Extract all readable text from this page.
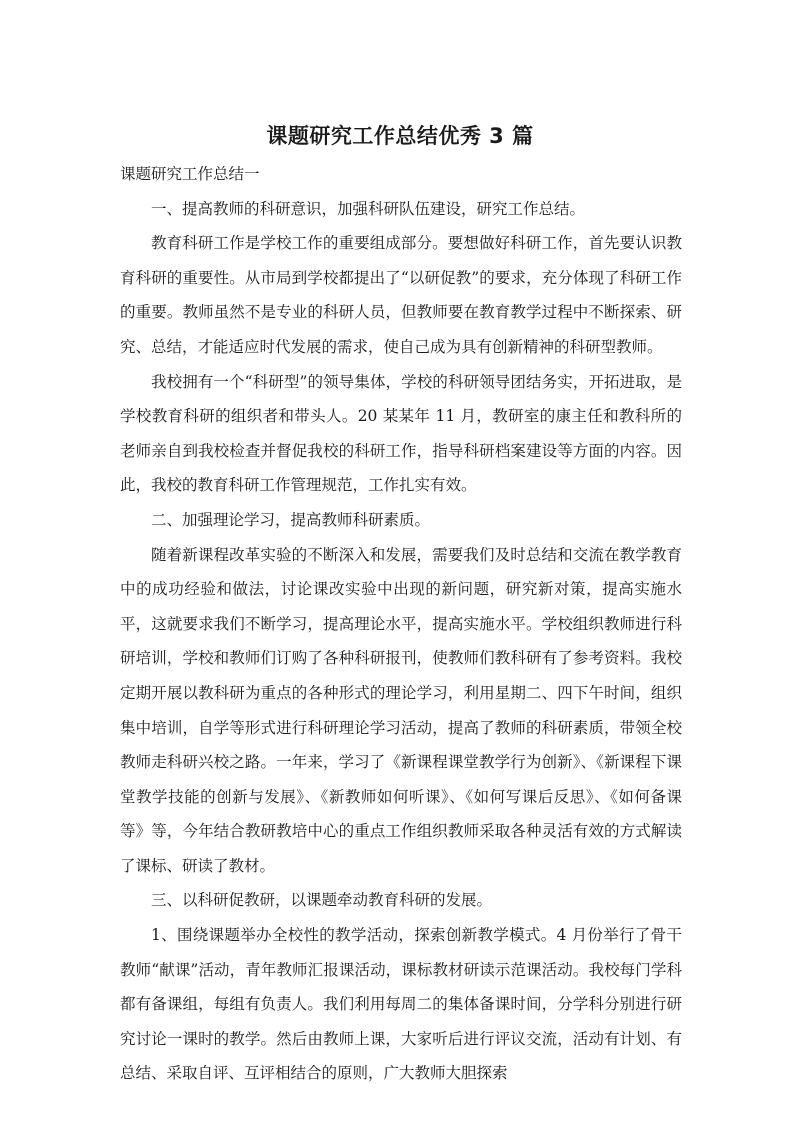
课题研究工作总结优秀 3 篇

课题研究工作总结一

一、提高教师的科研意识，加强科研队伍建设，研究工作总结。

教育科研工作是学校工作的重要组成部分。要想做好科研工作，首先要认识教育科研的重要性。从市局到学校都提出了“以研促教”的要求，充分体现了科研工作的重要。教师虽然不是专业的科研人员，但教师要在教育教学过程中不断探索、研究、总结，才能适应时代发展的需求，使自己成为具有创新精神的科研型教师。

我校拥有一个“科研型”的领导集体，学校的科研领导团结务实，开拓进取，是学校教育科研的组织者和带头人。20 某某年 11 月，教研室的康主任和教科所的老师亲自到我校检查并督促我校的科研工作，指导科研档案建设等方面的内容。因此，我校的教育科研工作管理规范，工作扎实有效。

二、加强理论学习，提高教师科研素质。

随着新课程改革实验的不断深入和发展，需要我们及时总结和交流在教学教育中的成功经验和做法，讨论课改实验中出现的新问题，研究新对策，提高实施水平，这就要求我们不断学习，提高理论水平，提高实施水平。学校组织教师进行科研培训，学校和教师们订购了各种科研报刊，使教师们教科研有了参考资料。我校定期开展以教科研为重点的各种形式的理论学习，利用星期二、四下午时间，组织集中培训，自学等形式进行科研理论学习活动，提高了教师的科研素质，带领全校教师走科研兴校之路。一年来，学习了《新课程课堂教学行为创新》、《新课程下课堂教学技能的创新与发展》、《新教师如何听课》、《如何写课后反思》、《如何备课等》等，今年结合教研教培中心的重点工作组织教师采取各种灵活有效的方式解读了课标、研读了教材。

三、以科研促教研，以课题牵动教育科研的发展。

1、围绕课题举办全校性的教学活动，探索创新教学模式。4 月份举行了骨干教师“献课”活动，青年教师汇报课活动，课标教材研读示范课活动。我校每门学科都有备课组，每组有负责人。我们利用每周二的集体备课时间，分学科分别进行研究讨论一课时的教学。然后由教师上课，大家听后进行评议交流，活动有计划、有总结、采取自评、互评相结合的原则，广大教师大胆探索
